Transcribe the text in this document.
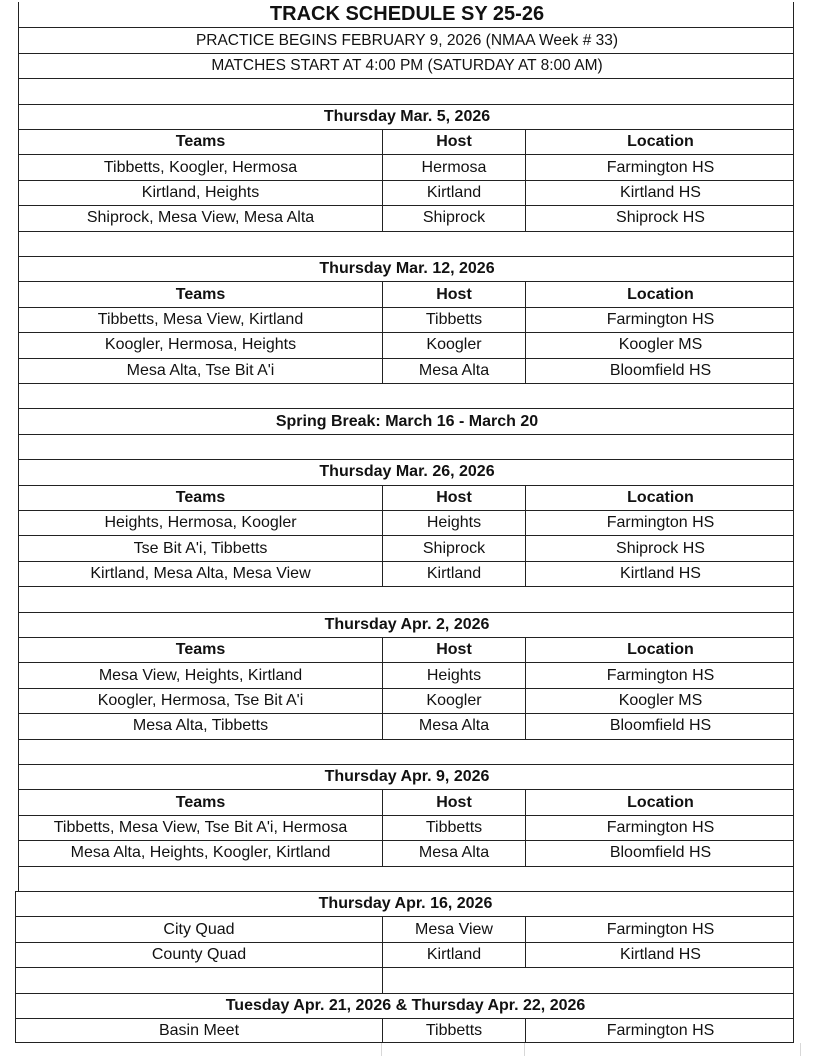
TRACK SCHEDULE SY 25-26
PRACTICE BEGINS FEBRUARY 9, 2026 (NMAA Week # 33)
MATCHES START AT 4:00 PM (SATURDAY AT 8:00 AM)
Thursday Mar. 5, 2026
Teams	Host	Location
Tibbetts, Koogler, Hermosa	Hermosa	Farmington HS
Kirtland, Heights	Kirtland	Kirtland HS
Shiprock, Mesa View, Mesa Alta	Shiprock	Shiprock HS
Thursday Mar. 12, 2026
Teams	Host	Location
Tibbetts, Mesa View, Kirtland	Tibbetts	Farmington HS
Koogler, Hermosa, Heights	Koogler	Koogler MS
Mesa Alta, Tse Bit A'i	Mesa Alta	Bloomfield HS
Spring Break: March 16 - March 20
Thursday Mar. 26, 2026
Teams	Host	Location
Heights, Hermosa, Koogler	Heights	Farmington HS
Tse Bit A'i, Tibbetts	Shiprock	Shiprock HS
Kirtland, Mesa Alta, Mesa View	Kirtland	Kirtland HS
Thursday Apr. 2, 2026
Teams	Host	Location
Mesa View, Heights, Kirtland	Heights	Farmington HS
Koogler, Hermosa, Tse Bit A'i	Koogler	Koogler MS
Mesa Alta, Tibbetts	Mesa Alta	Bloomfield HS
Thursday Apr. 9, 2026
Teams	Host	Location
Tibbetts, Mesa View, Tse Bit A'i, Hermosa	Tibbetts	Farmington HS
Mesa Alta, Heights, Koogler, Kirtland	Mesa Alta	Bloomfield HS
Thursday Apr. 16, 2026
City Quad	Mesa View	Farmington HS
County Quad	Kirtland	Kirtland HS
Tuesday Apr. 21, 2026 & Thursday Apr. 22, 2026
Basin Meet	Tibbetts	Farmington HS
